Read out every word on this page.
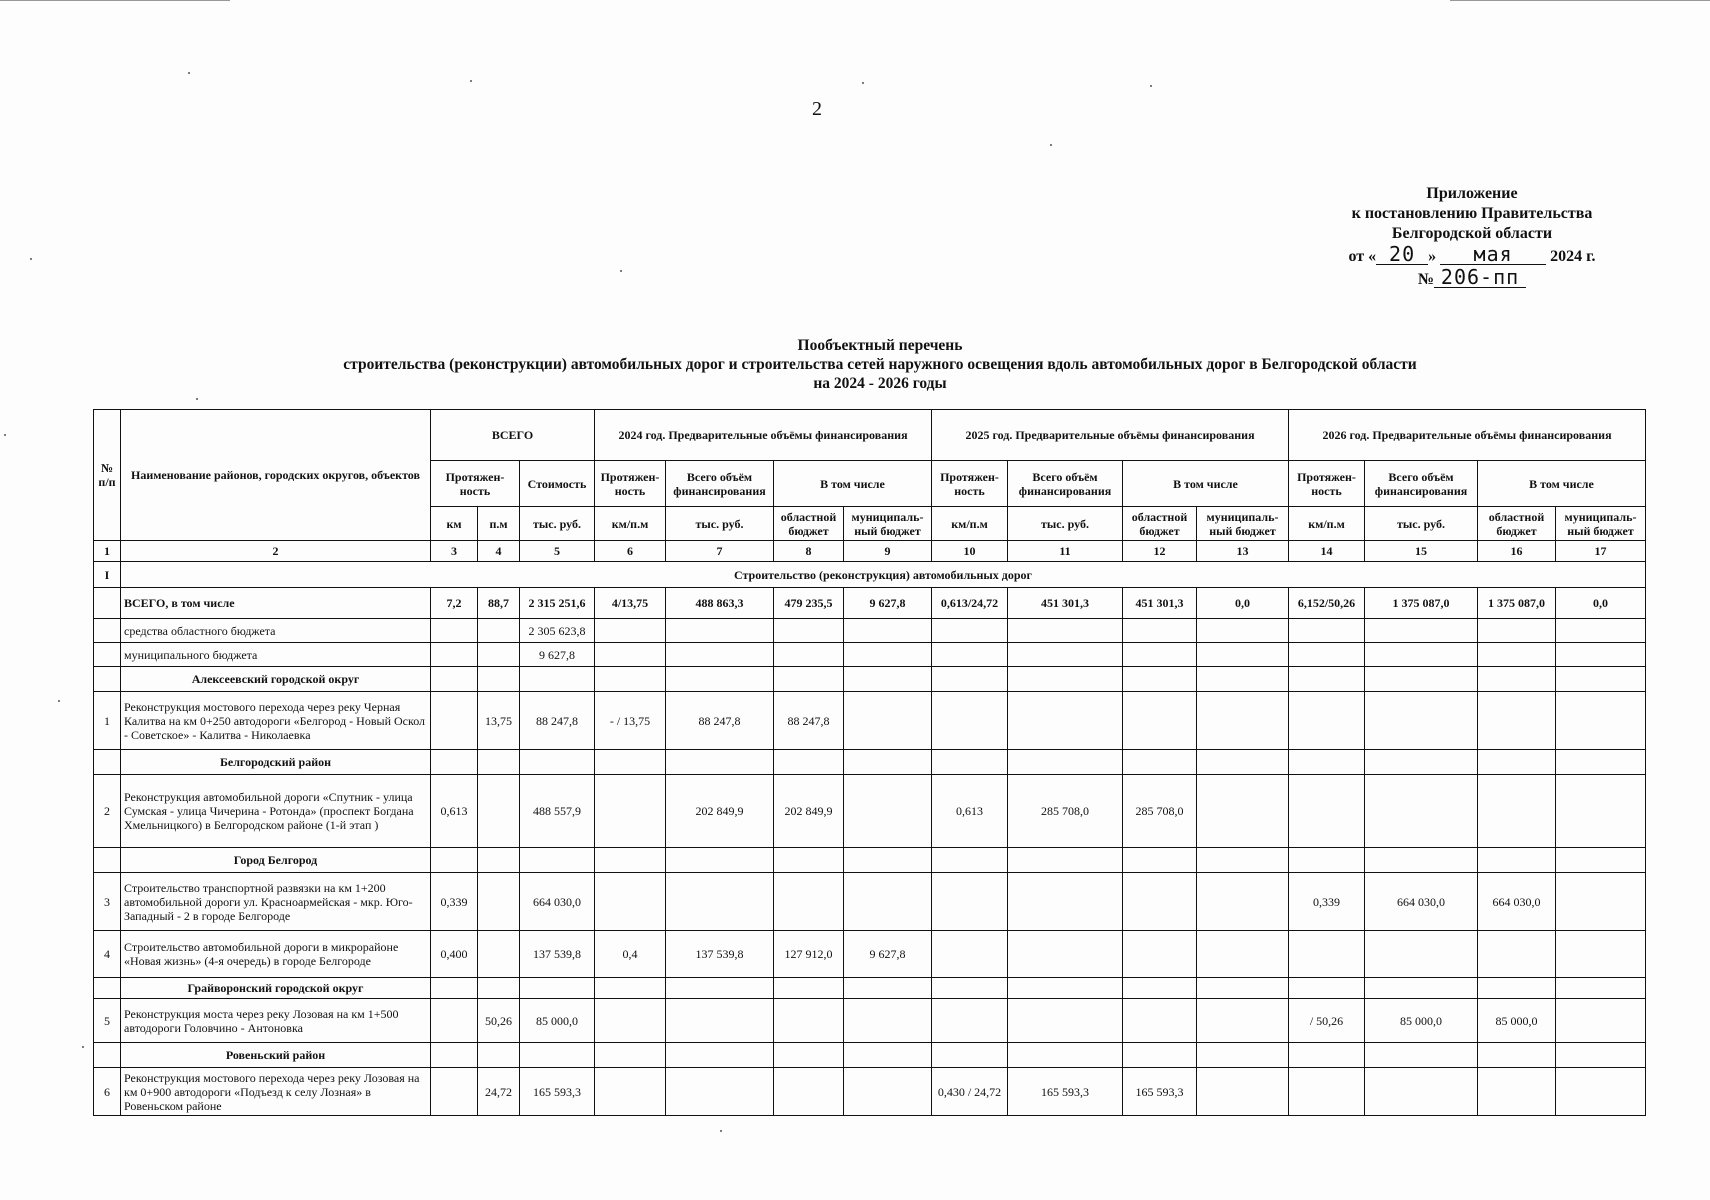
2
Приложение
к постановлению Правительства
Белгородской области
от « 20 » мая 2024 г.
№ 206-пп
Пообъектный перечень
строительства (реконструкции) автомобильных дорог и строительства сетей наружного освещения вдоль автомобильных дорог в Белгородской области
на 2024 - 2026 годы
№ п/п	Наименование районов, городских округов, объектов	ВСЕГО			2024 год. Предварительные объёмы финансирования				2025 год. Предварительные объёмы финансирования				2026 год. Предварительные объёмы финансирования			
		Протяжен-ность		Стоимость	Протяжен-ность	Всего объём финансирования	В том числе		Протяжен-ность	Всего объём финансирования	В том числе		Протяжен-ность	Всего объём финансирования	В том числе	
		км	п.м	тыс. руб.	км/п.м	тыс. руб.	областной бюджет	муниципаль-ный бюджет	км/п.м	тыс. руб.	областной бюджет	муниципаль-ный бюджет	км/п.м	тыс. руб.	областной бюджет	муниципаль-ный бюджет
1	2	3	4	5	6	7	8	9	10	11	12	13	14	15	16	17
I	Строительство (реконструкция) автомобильных дорог															
	ВСЕГО, в том числе	7,2	88,7	2 315 251,6	4/13,75	488 863,3	479 235,5	9 627,8	0,613/24,72	451 301,3	451 301,3	0,0	6,152/50,26	1 375 087,0	1 375 087,0	0,0
	средства областного бюджета			2 305 623,8												
	муниципального бюджета			9 627,8												
	Алексеевский городской округ															
1	Реконструкция мостового перехода через реку Черная Калитва на км 0+250 автодороги «Белгород - Новый Оскол - Советское» - Калитва - Николаевка		13,75	88 247,8	- / 13,75	88 247,8	88 247,8									
	Белгородский район															
2	Реконструкция автомобильной дороги «Спутник - улица Сумская - улица Чичерина - Ротонда» (проспект Богдана Хмельницкого) в Белгородском районе (1-й этап )	0,613		488 557,9		202 849,9	202 849,9		0,613	285 708,0	285 708,0					
	Город Белгород															
3	Строительство транспортной развязки на км 1+200 автомобильной дороги ул. Красноармейская - мкр. Юго-Западный - 2 в городе Белгороде	0,339		664 030,0									0,339	664 030,0	664 030,0	
4	Строительство автомобильной дороги в микрорайоне «Новая жизнь» (4-я очередь) в городе Белгороде	0,400		137 539,8	0,4	137 539,8	127 912,0	9 627,8								
	Грайворонский городской округ															
5	Реконструкция моста через реку Лозовая на км 1+500 автодороги Головчино - Антоновка		50,26	85 000,0									/ 50,26	85 000,0	85 000,0	
	Ровеньский район															
6	Реконструкция мостового перехода через реку Лозовая на км 0+900 автодороги «Подъезд к селу Лозная» в Ровеньском районе		24,72	165 593,3					0,430 / 24,72	165 593,3	165 593,3					
